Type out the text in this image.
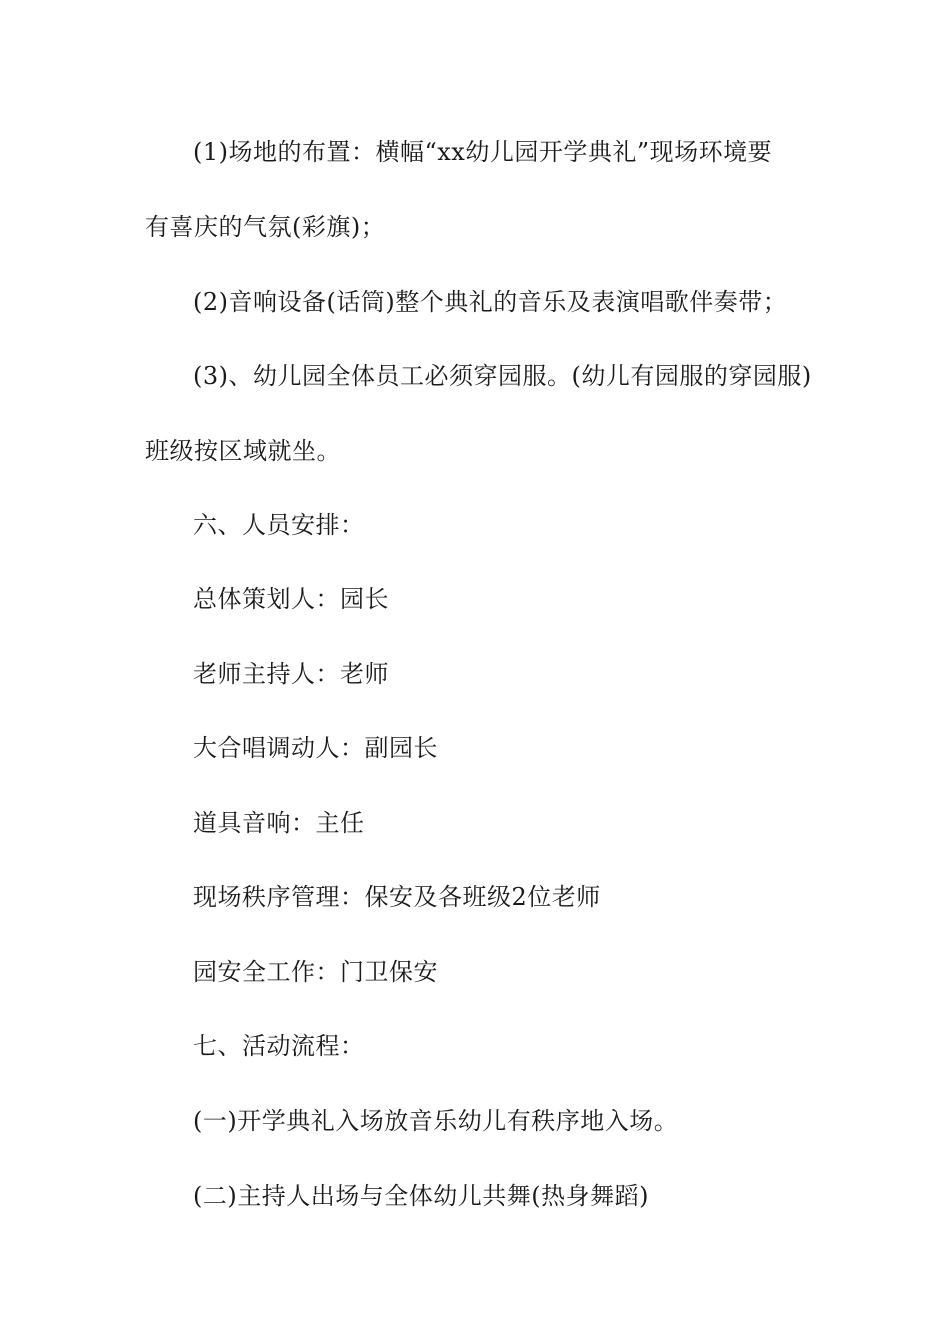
(1)场地的布置：横幅“xx幼儿园开学典礼”现场环境要
有喜庆的气氛(彩旗)；
(2)音响设备(话筒)整个典礼的音乐及表演唱歌伴奏带；
(3)、幼儿园全体员工必须穿园服。(幼儿有园服的穿园服)
班级按区域就坐。
六、人员安排：
总体策划人：园长
老师主持人：老师
大合唱调动人：副园长
道具音响：主任
现场秩序管理：保安及各班级2位老师
园安全工作：门卫保安
七、活动流程：
(一)开学典礼入场放音乐幼儿有秩序地入场。
(二)主持人出场与全体幼儿共舞(热身舞蹈)
